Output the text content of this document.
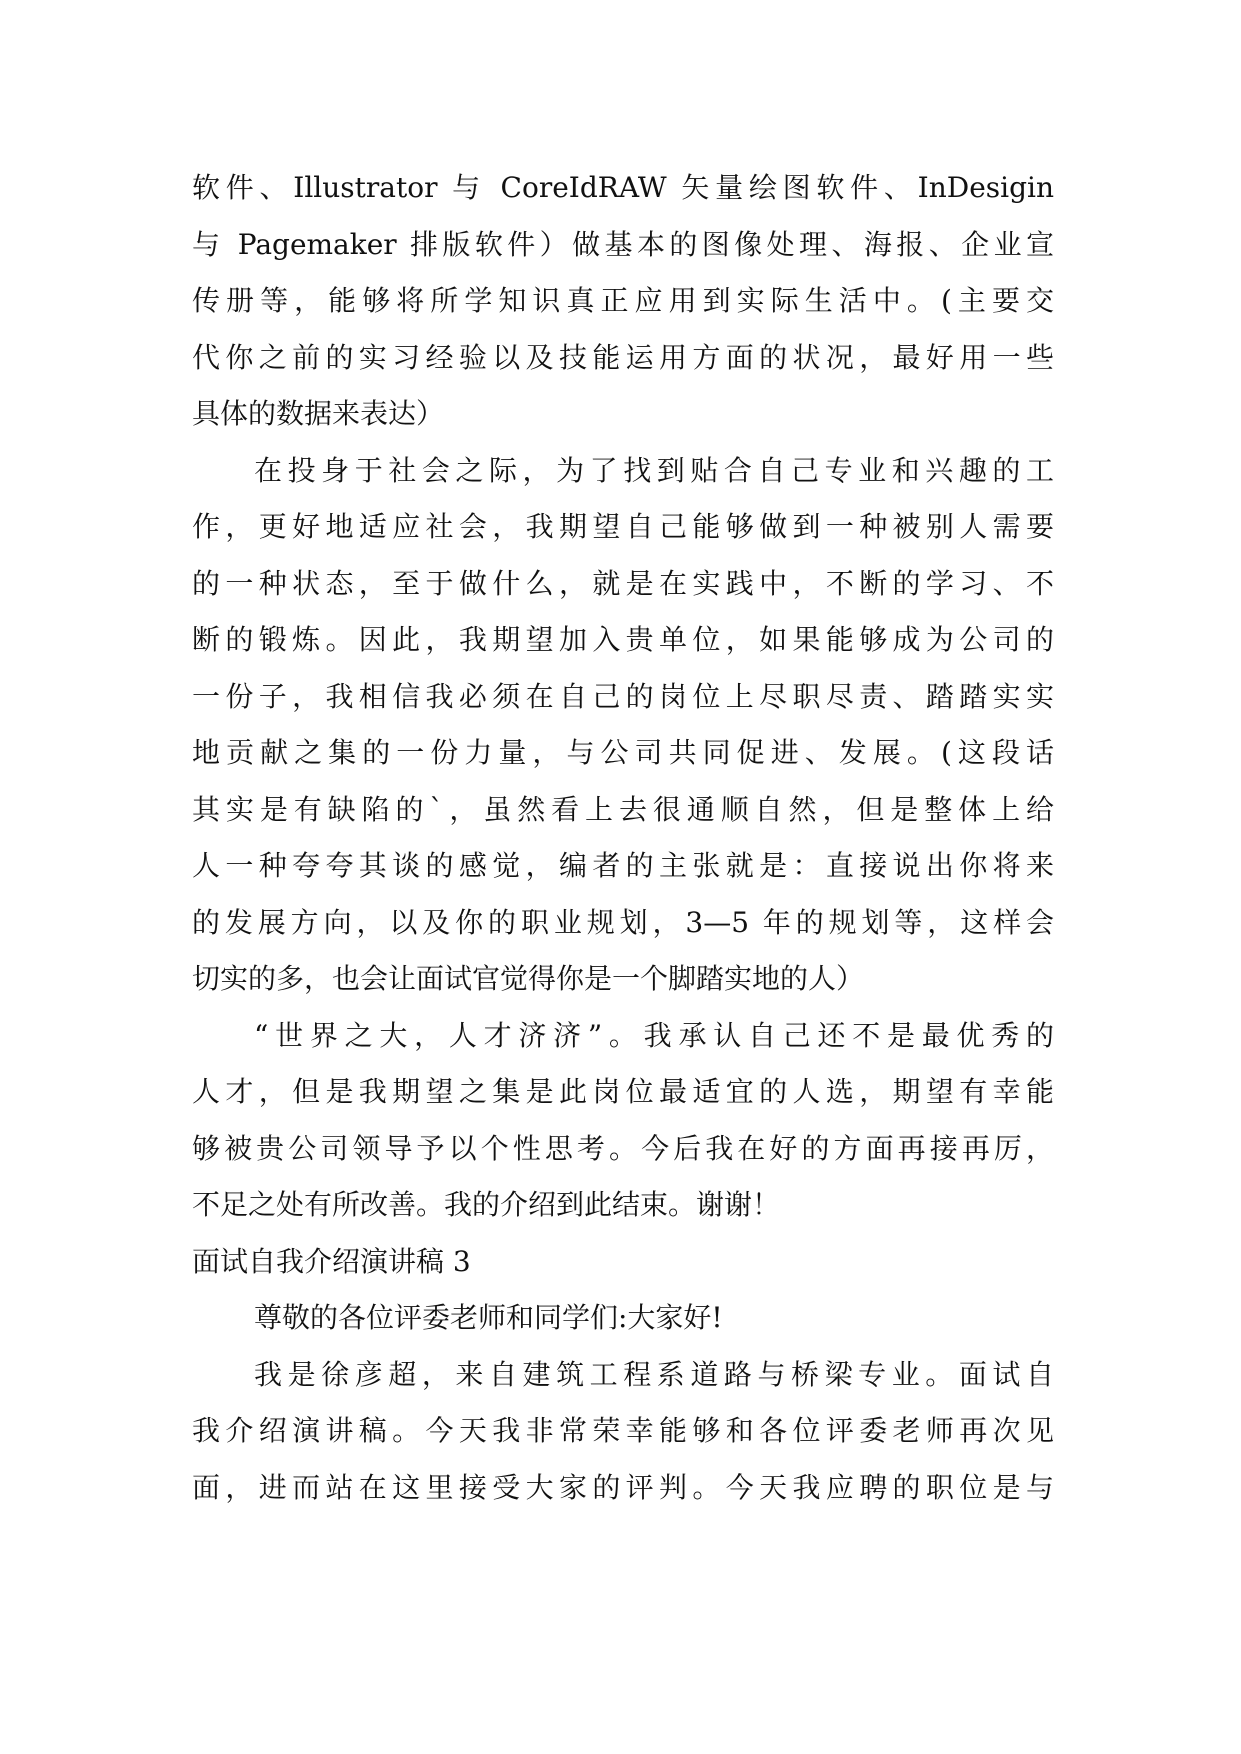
软件、Illustrator 与 CoreIdRAW 矢量绘图软件、InDesigin
与 Pagemaker 排版软件）做基本的图像处理、海报、企业宣
传册等，能够将所学知识真正应用到实际生活中。(主要交
代你之前的实习经验以及技能运用方面的状况，最好用一些
具体的数据来表达）
在投身于社会之际，为了找到贴合自己专业和兴趣的工
作，更好地适应社会，我期望自己能够做到一种被别人需要
的一种状态，至于做什么，就是在实践中，不断的学习、不
断的锻炼。因此，我期望加入贵单位，如果能够成为公司的
一份子，我相信我必须在自己的岗位上尽职尽责、踏踏实实
地贡献之集的一份力量，与公司共同促进、发展。(这段话
其实是有缺陷的`，虽然看上去很通顺自然，但是整体上给
人一种夸夸其谈的感觉，编者的主张就是：直接说出你将来
的发展方向，以及你的职业规划，3—5 年的规划等，这样会
切实的多，也会让面试官觉得你是一个脚踏实地的人）
“世界之大，人才济济”。我承认自己还不是最优秀的
人才，但是我期望之集是此岗位最适宜的人选，期望有幸能
够被贵公司领导予以个性思考。今后我在好的方面再接再厉，
不足之处有所改善。我的介绍到此结束。谢谢！
面试自我介绍演讲稿 3
尊敬的各位评委老师和同学们:大家好!
我是徐彦超，来自建筑工程系道路与桥梁专业。面试自
我介绍演讲稿。今天我非常荣幸能够和各位评委老师再次见
面，进而站在这里接受大家的评判。今天我应聘的职位是与
